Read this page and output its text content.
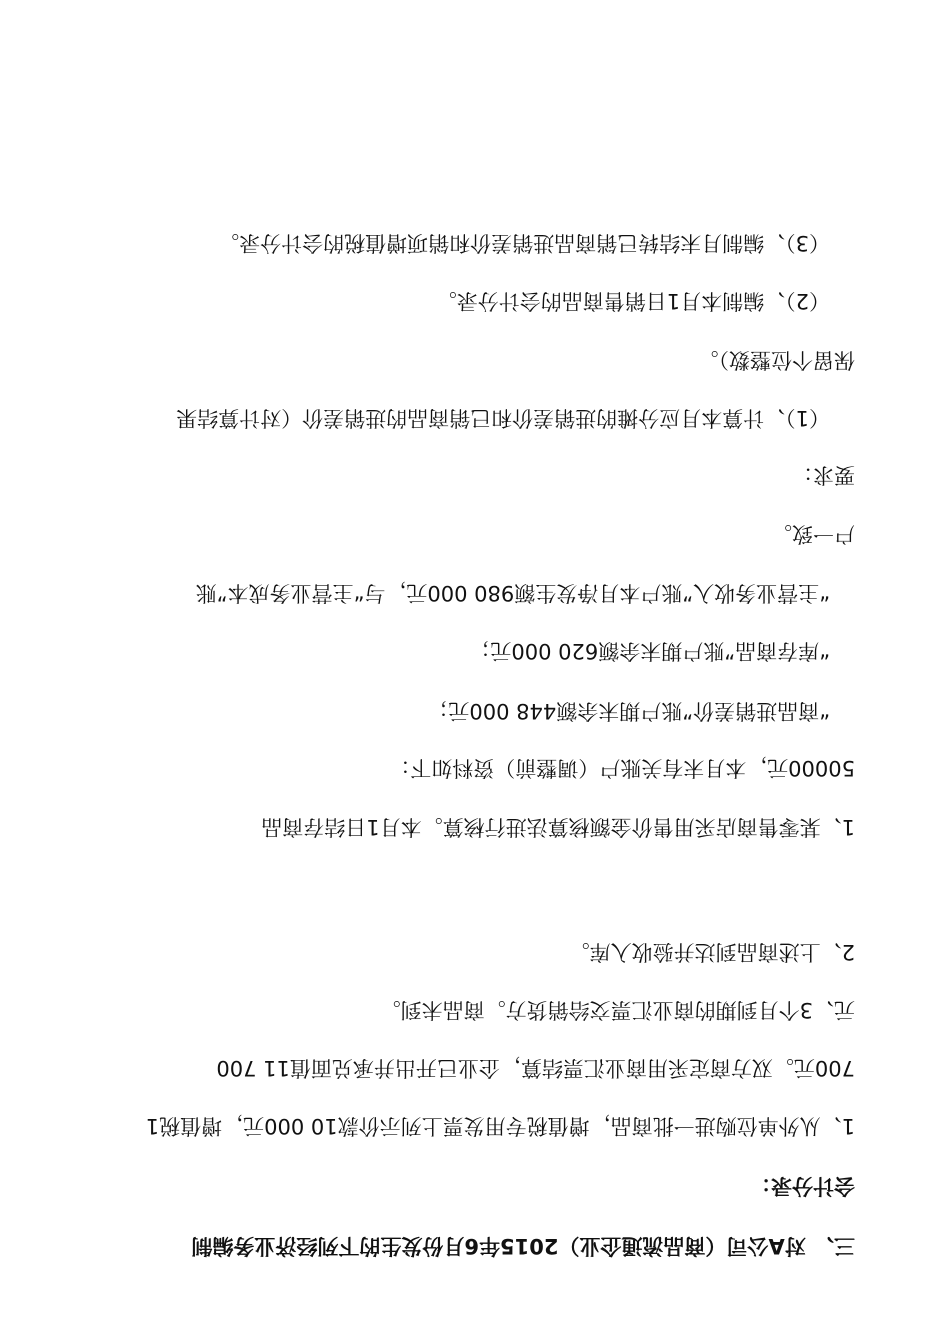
三、 对A公司（商品流通企业）2015年6月份发生的下列经济业务编制
会计分录：
1、从外单位购进一批商品，增值税专用发票上列示价款10 000元，增值税1
700元。双方商定采用商业汇票结算，企业已开出并承兑面值11 700
元、3个月到期的商业汇票交给销货方。商品未到。
2、上述商品到达并验收入库。
1、某零售商店采用售价金额核算法进行核算。本月1日结存商品
50000元，本月末有关账户（调整前）资料如下：
“商品进销差价”账户期末余额448 000元；
“库存商品”账户期末余额620 000元；
“主营业务收入”账户本月净发生额980 000元，与“主营业务成本”账
户一致。
要求：
（1）、计算本月应分摊的进销差价和已销商品的进销差价（对计算结果
保留个位整数）。
（2）、编制本月1日销售商品的会计分录。
（3）、编制月末结转已销商品进销差价和销项增值税的会计分录。
